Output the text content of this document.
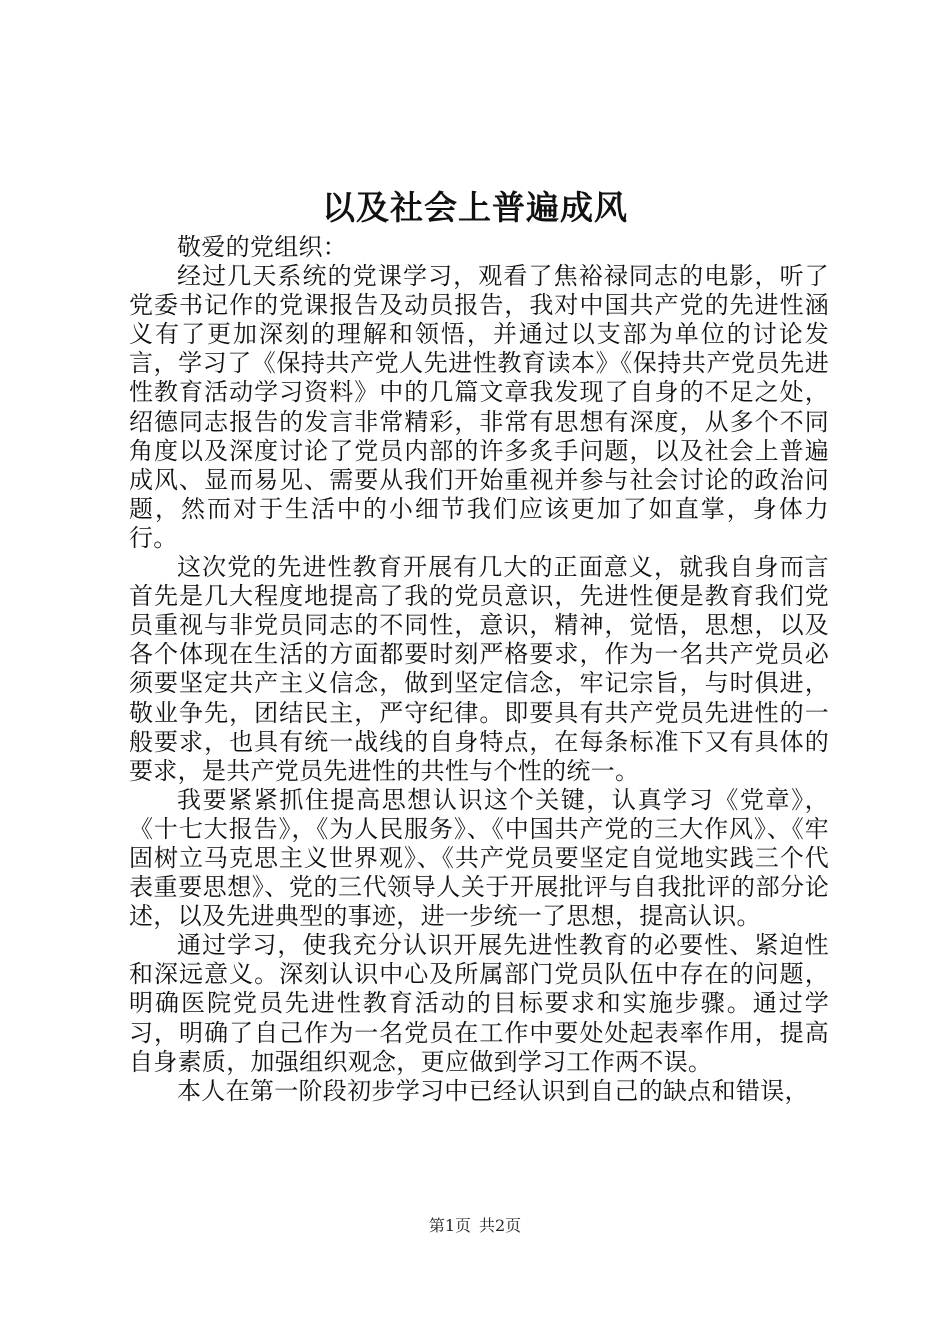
以及社会上普遍成风

敬爱的党组织：

经过几天系统的党课学习，观看了焦裕禄同志的电影，听了党委书记作的党课报告及动员报告，我对中国共产党的先进性涵义有了更加深刻的理解和领悟，并通过以支部为单位的讨论发言，学习了《保持共产党人先进性教育读本》《保持共产党员先进性教育活动学习资料》中的几篇文章我发现了自身的不足之处，绍德同志报告的发言非常精彩，非常有思想有深度，从多个不同角度以及深度讨论了党员内部的许多炙手问题，以及社会上普遍成风、显而易见、需要从我们开始重视并参与社会讨论的政治问题，然而对于生活中的小细节我们应该更加了如直掌，身体力行。

这次党的先进性教育开展有几大的正面意义，就我自身而言首先是几大程度地提高了我的党员意识，先进性便是教育我们党员重视与非党员同志的不同性，意识，精神，觉悟，思想，以及各个体现在生活的方面都要时刻严格要求，作为一名共产党员必须要坚定共产主义信念，做到坚定信念，牢记宗旨，与时俱进，敬业争先，团结民主，严守纪律。即要具有共产党员先进性的一般要求，也具有统一战线的自身特点，在每条标准下又有具体的要求，是共产党员先进性的共性与个性的统一。

我要紧紧抓住提高思想认识这个关键，认真学习《党章》，《十七大报告》，《为人民服务》、《中国共产党的三大作风》、《牢固树立马克思主义世界观》、《共产党员要坚定自觉地实践三个代表重要思想》、党的三代领导人关于开展批评与自我批评的部分论述，以及先进典型的事迹，进一步统一了思想，提高认识。

通过学习，使我充分认识开展先进性教育的必要性、紧迫性和深远意义。深刻认识中心及所属部门党员队伍中存在的问题，明确医院党员先进性教育活动的目标要求和实施步骤。通过学习，明确了自己作为一名党员在工作中要处处起表率作用，提高自身素质，加强组织观念，更应做到学习工作两不误。

本人在第一阶段初步学习中已经认识到自己的缺点和错误，

第1页 共2页
